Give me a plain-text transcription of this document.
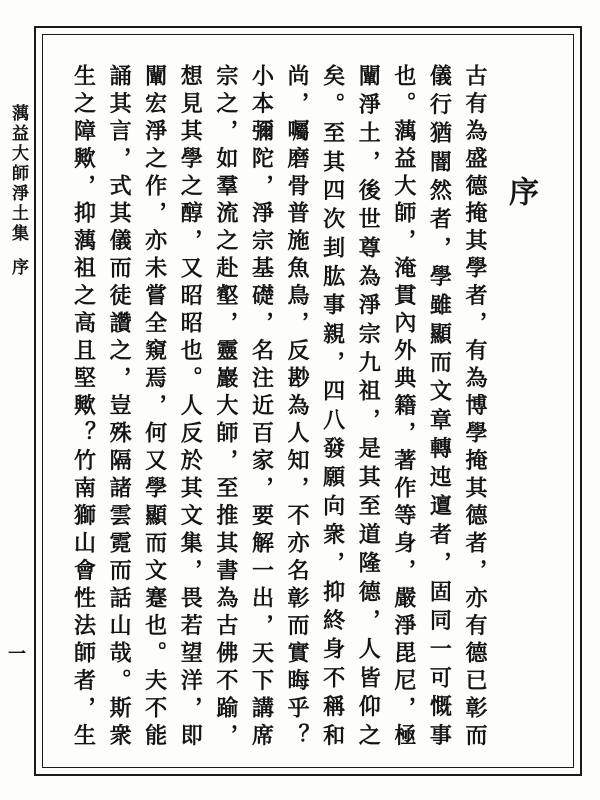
蕅益大師淨土集序
一
序
古有為盛德掩其學者，有為博學掩其德者，亦有德已彰而儀行猶闇然者，學雖顯而文章轉迍邅者，固同一可慨事也。蕅益大師，淹貫內外典籍，著作等身，嚴淨毘尼，極闡淨土，後世尊為淨宗九祖，是其至道隆德，人皆仰之矣。至其四次刲肱事親，四八發願向衆，抑終身不稱和尚，囑磨骨普施魚鳥，反尠為人知，不亦名彰而實晦乎？小本彌陀，淨宗基礎，名注近百家，要解一出，天下講席宗之，如羣流之赴壑，靈巖大師，至推其書為古佛不踰，想見其學之醇，又昭昭也。人反於其文集，畏若望洋，即闡宏淨之作，亦未嘗全窺焉，何又學顯而文蹇也。夫不能誦其言，式其儀而徒讚之，豈殊隔諸雲霓而話山哉。斯衆生之障歟，抑蕅祖之高且堅歟？竹南獅山會性法師者，生
